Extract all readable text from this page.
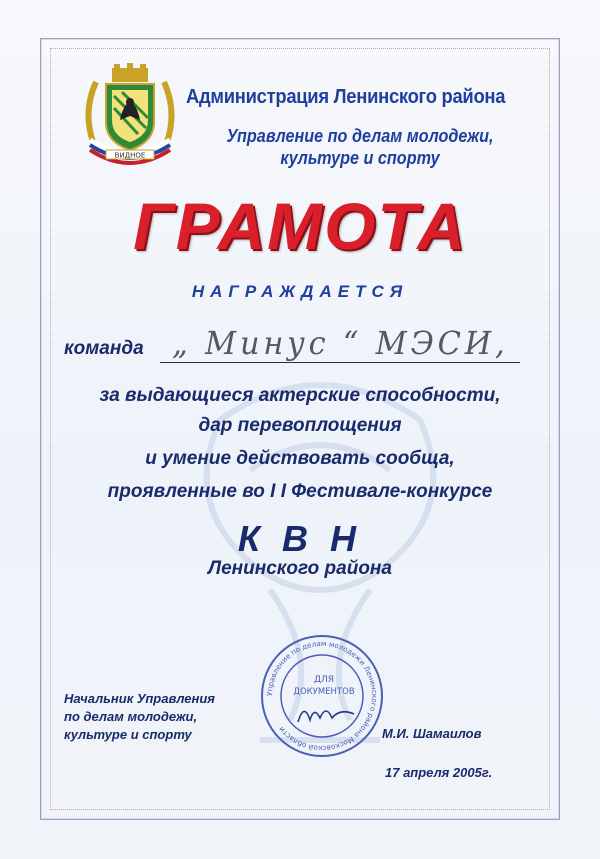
ВИДНОЕ
Администрация Ленинского района
Управление по делам молодежи,
культуре и спорту
ГРАМОТА
НАГРАЖДАЕТСЯ
команда „ Минус “ МЭСИ,
за выдающиеся актерские способности,
дар перевоплощения
и умение действовать сообща,
проявленные во I I Фестивале-конкурсе
К В Н
Ленинского района
Начальник Управления
по делам молодежи,
культуре и спорту
Управление по делам молодежи Ленинского района Московской области
ДЛЯ
ДОКУМЕНТОВ
М.И. Шамаилов
17 апреля 2005г.
